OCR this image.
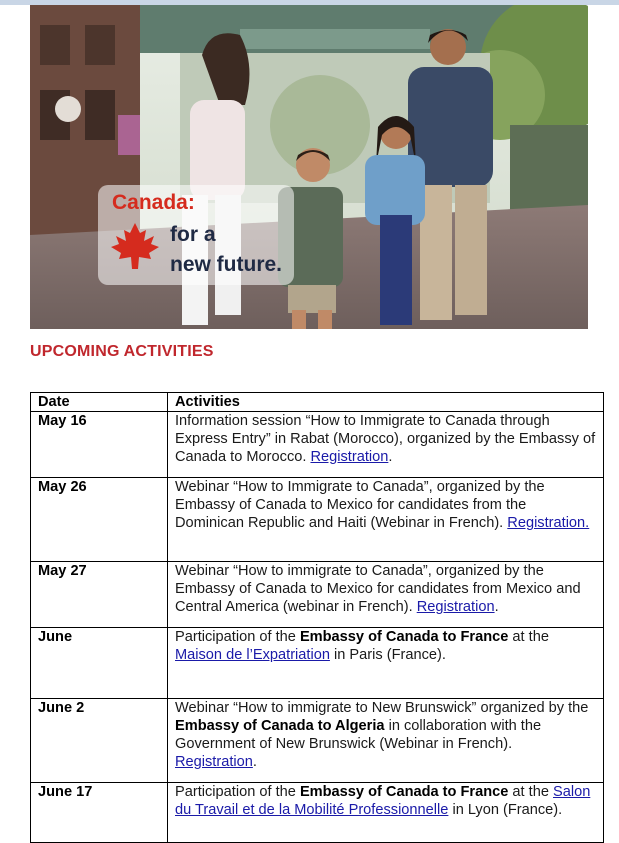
Canada:
for a
new future.
UPCOMING ACTIVITIES
Date	Activities
May 16	Information session “How to Immigrate to Canada through Express Entry” in Rabat (Morocco), organized by the Embassy of Canada to Morocco. Registration.
May 26	Webinar “How to Immigrate to Canada”, organized by the Embassy of Canada to Mexico for candidates from the Dominican Republic and Haiti (Webinar in French). Registration.
May 27	Webinar “How to immigrate to Canada”, organized by the Embassy of Canada to Mexico for candidates from Mexico and Central America (webinar in French). Registration.
June	Participation of the Embassy of Canada to France at the Maison de l’Expatriation in Paris (France).
June 2	Webinar “How to immigrate to New Brunswick” organized by the Embassy of Canada to Algeria in collaboration with the Government of New Brunswick (Webinar in French). Registration.
June 17	Participation of the Embassy of Canada to France at the Salon du Travail et de la Mobilité Professionnelle in Lyon (France).
